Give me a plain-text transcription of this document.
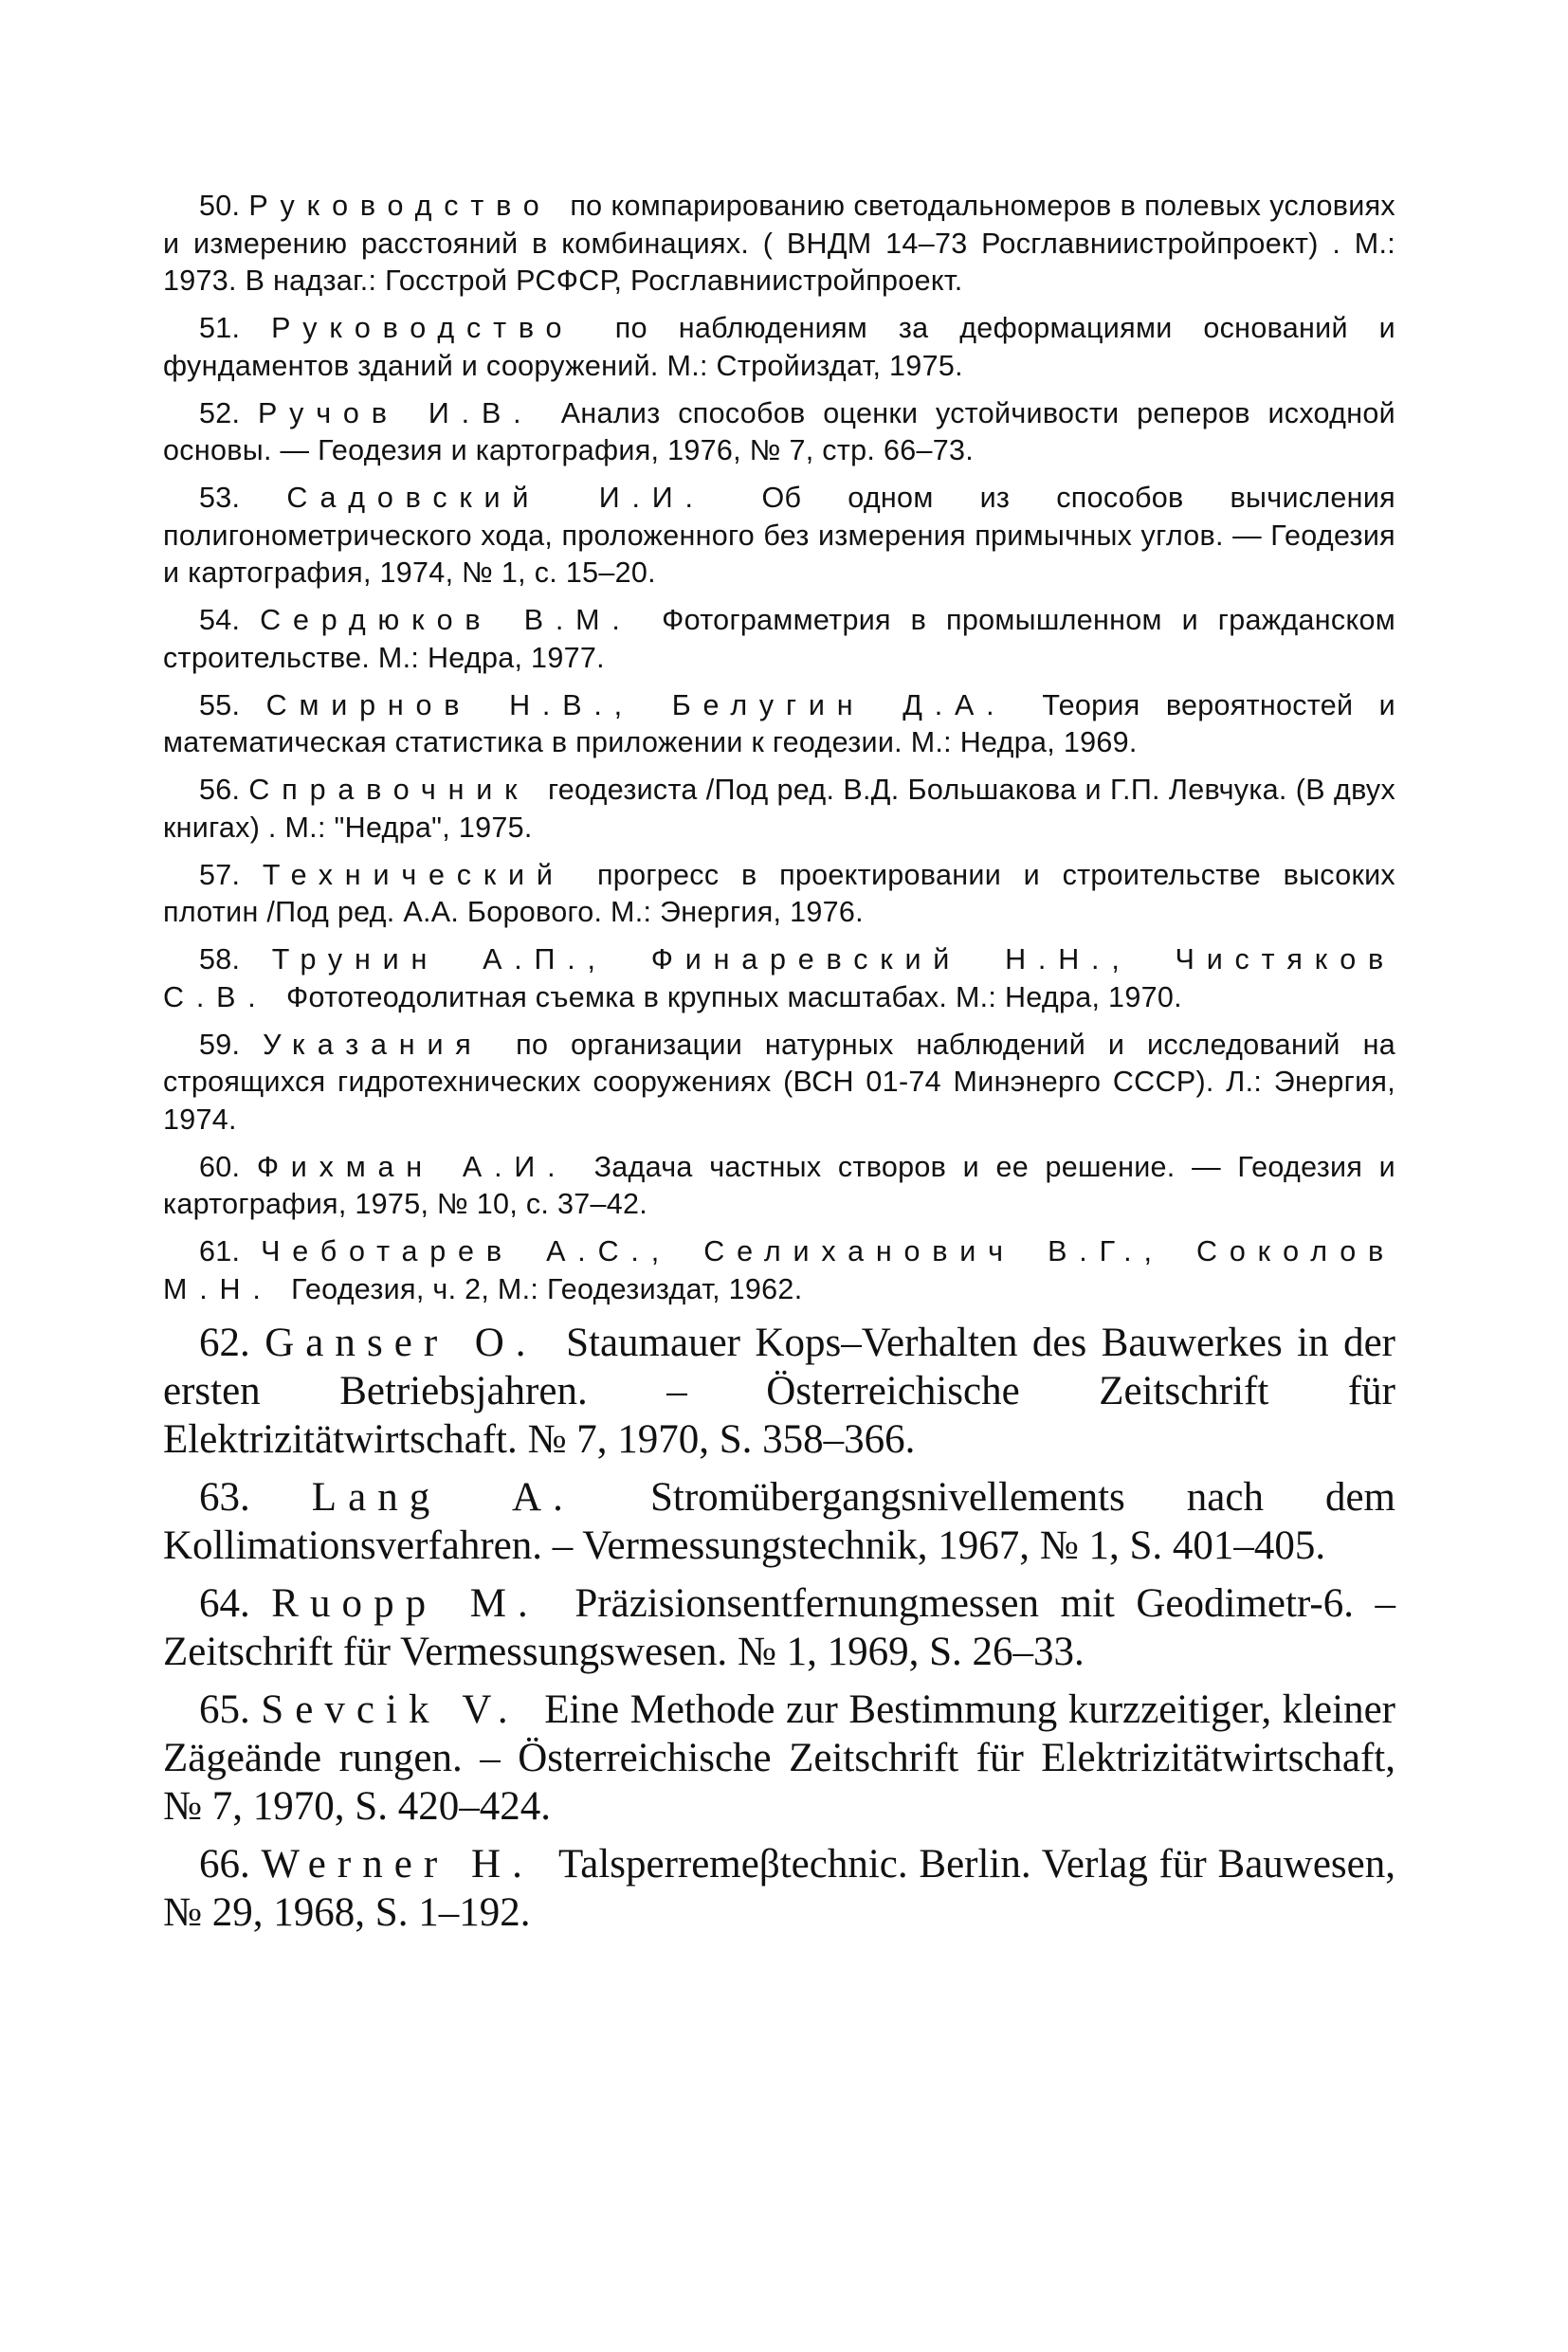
50. Руководство по компарированию светодальномеров в полевых условиях и измерению расстояний в комбинациях. ( ВНДМ 14–73 Росглавниистройпроект) . М.: 1973. В надзаг.: Госстрой РСФСР, Росглавниистройпроект.

51. Руководство по наблюдениям за деформациями оснований и фундаментов зданий и сооружений. М.: Стройиздат, 1975.

52. Ручов И.В. Анализ способов оценки устойчивости реперов исходной основы. — Геодезия и картография, 1976, № 7, стр. 66–73.

53. Садовский И.И. Об одном из способов вычисления полигонометрического хода, проложенного без измерения примычных углов. — Геодезия и картография, 1974, № 1, с. 15–20.

54. Сердюков В.М. Фотограмметрия в промышленном и гражданском строительстве. М.: Недра, 1977.

55. Смирнов Н.В., Белугин Д.А. Теория вероятностей и математическая статистика в приложении к геодезии. М.: Недра, 1969.

56. Справочник геодезиста /Под ред. В.Д. Большакова и Г.П. Левчука. (В двух книгах) . М.: "Недра", 1975.

57. Технический прогресс в проектировании и строительстве высоких плотин /Под ред. А.А. Борового. М.: Энергия, 1976.

58. Трунин А.П., Финаревский Н.Н., Чистяков С.В. Фототеодолитная съемка в крупных масштабах. М.: Недра, 1970.

59. Указания по организации натурных наблюдений и исследований на строящихся гидротехнических сооружениях (ВСН 01-74 Минэнерго СССР). Л.: Энергия, 1974.

60. Фихман А.И. Задача частных створов и ее решение. — Геодезия и картография, 1975, № 10, с. 37–42.

61. Чеботарев А.С., Селиханович В.Г., Соколов М.Н. Геодезия, ч. 2, М.: Геодезиздат, 1962.

62. Ganser O. Staumauer Kops–Verhalten des Bauwerkes in der ersten Betriebsjahren. – Österreichische Zeitschrift für Elektrizitätwirtschaft. № 7, 1970, S. 358–366.

63. Lang A. Stromübergangsnivellements nach dem Kollimationsverfahren. – Vermessungstechnik, 1967, № 1, S. 401–405.

64. Ruopp M. Präzisionsentfernungmessen mit Geodimetr-6. – Zeitschrift für Vermessungswesen. № 1, 1969, S. 26–33.

65. Sevcik V. Eine Methode zur Bestimmung kurzzeitiger, kleiner Zägeände rungen. – Österreichische Zeitschrift für Elektrizitätwirtschaft, № 7, 1970, S. 420–424.

66. Werner H. Talsperremeβtechnic. Berlin. Verlag für Bauwesen, № 29, 1968, S. 1–192.
